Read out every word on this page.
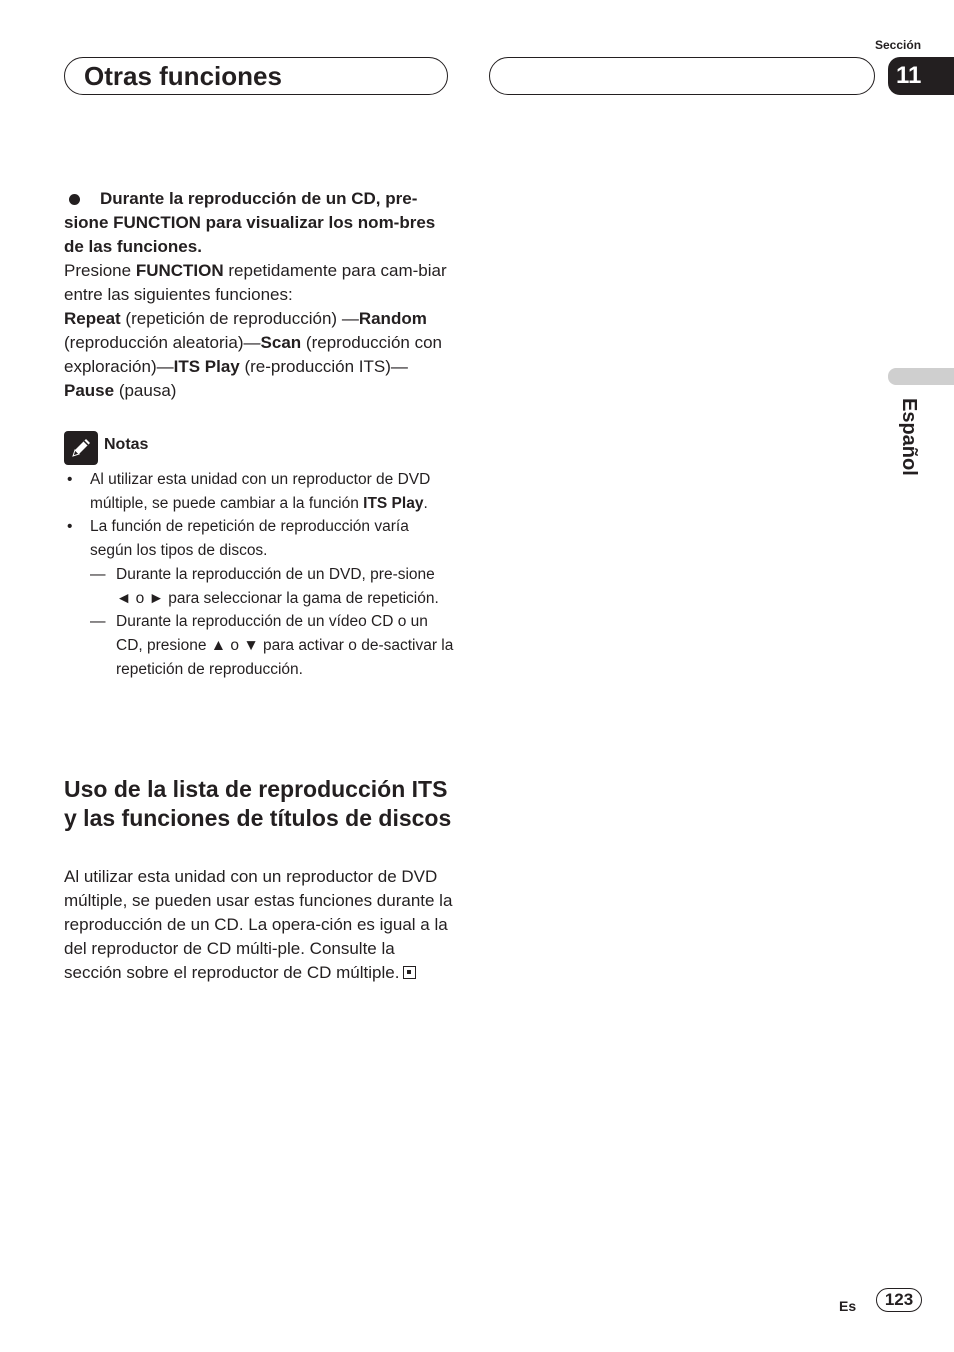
Otras funciones
Sección
11
Español

Durante la reproducción de un CD, pre-sione FUNCTION para visualizar los nom-bres de las funciones.

Presione FUNCTION repetidamente para cam-biar entre las siguientes funciones:

Repeat (repetición de reproducción) —Random (reproducción aleatoria)—Scan (reproducción con exploración)—ITS Play (re-producción ITS)—Pause (pausa)

Notas
• Al utilizar esta unidad con un reproductor de DVD múltiple, se puede cambiar a la función ITS Play.
• La función de repetición de reproducción varía según los tipos de discos.
— Durante la reproducción de un DVD, pre-sione ◄ o ► para seleccionar la gama de repetición.
— Durante la reproducción de un vídeo CD o un CD, presione ▲ o ▼ para activar o de-sactivar la repetición de reproducción.
Uso de la lista de reproducción ITS y las funciones de títulos de discos

Al utilizar esta unidad con un reproductor de DVD múltiple, se pueden usar estas funciones durante la reproducción de un CD. La opera-ción es igual a la del reproductor de CD múlti-ple. Consulte la sección sobre el reproductor de CD múltiple.

Es	123
